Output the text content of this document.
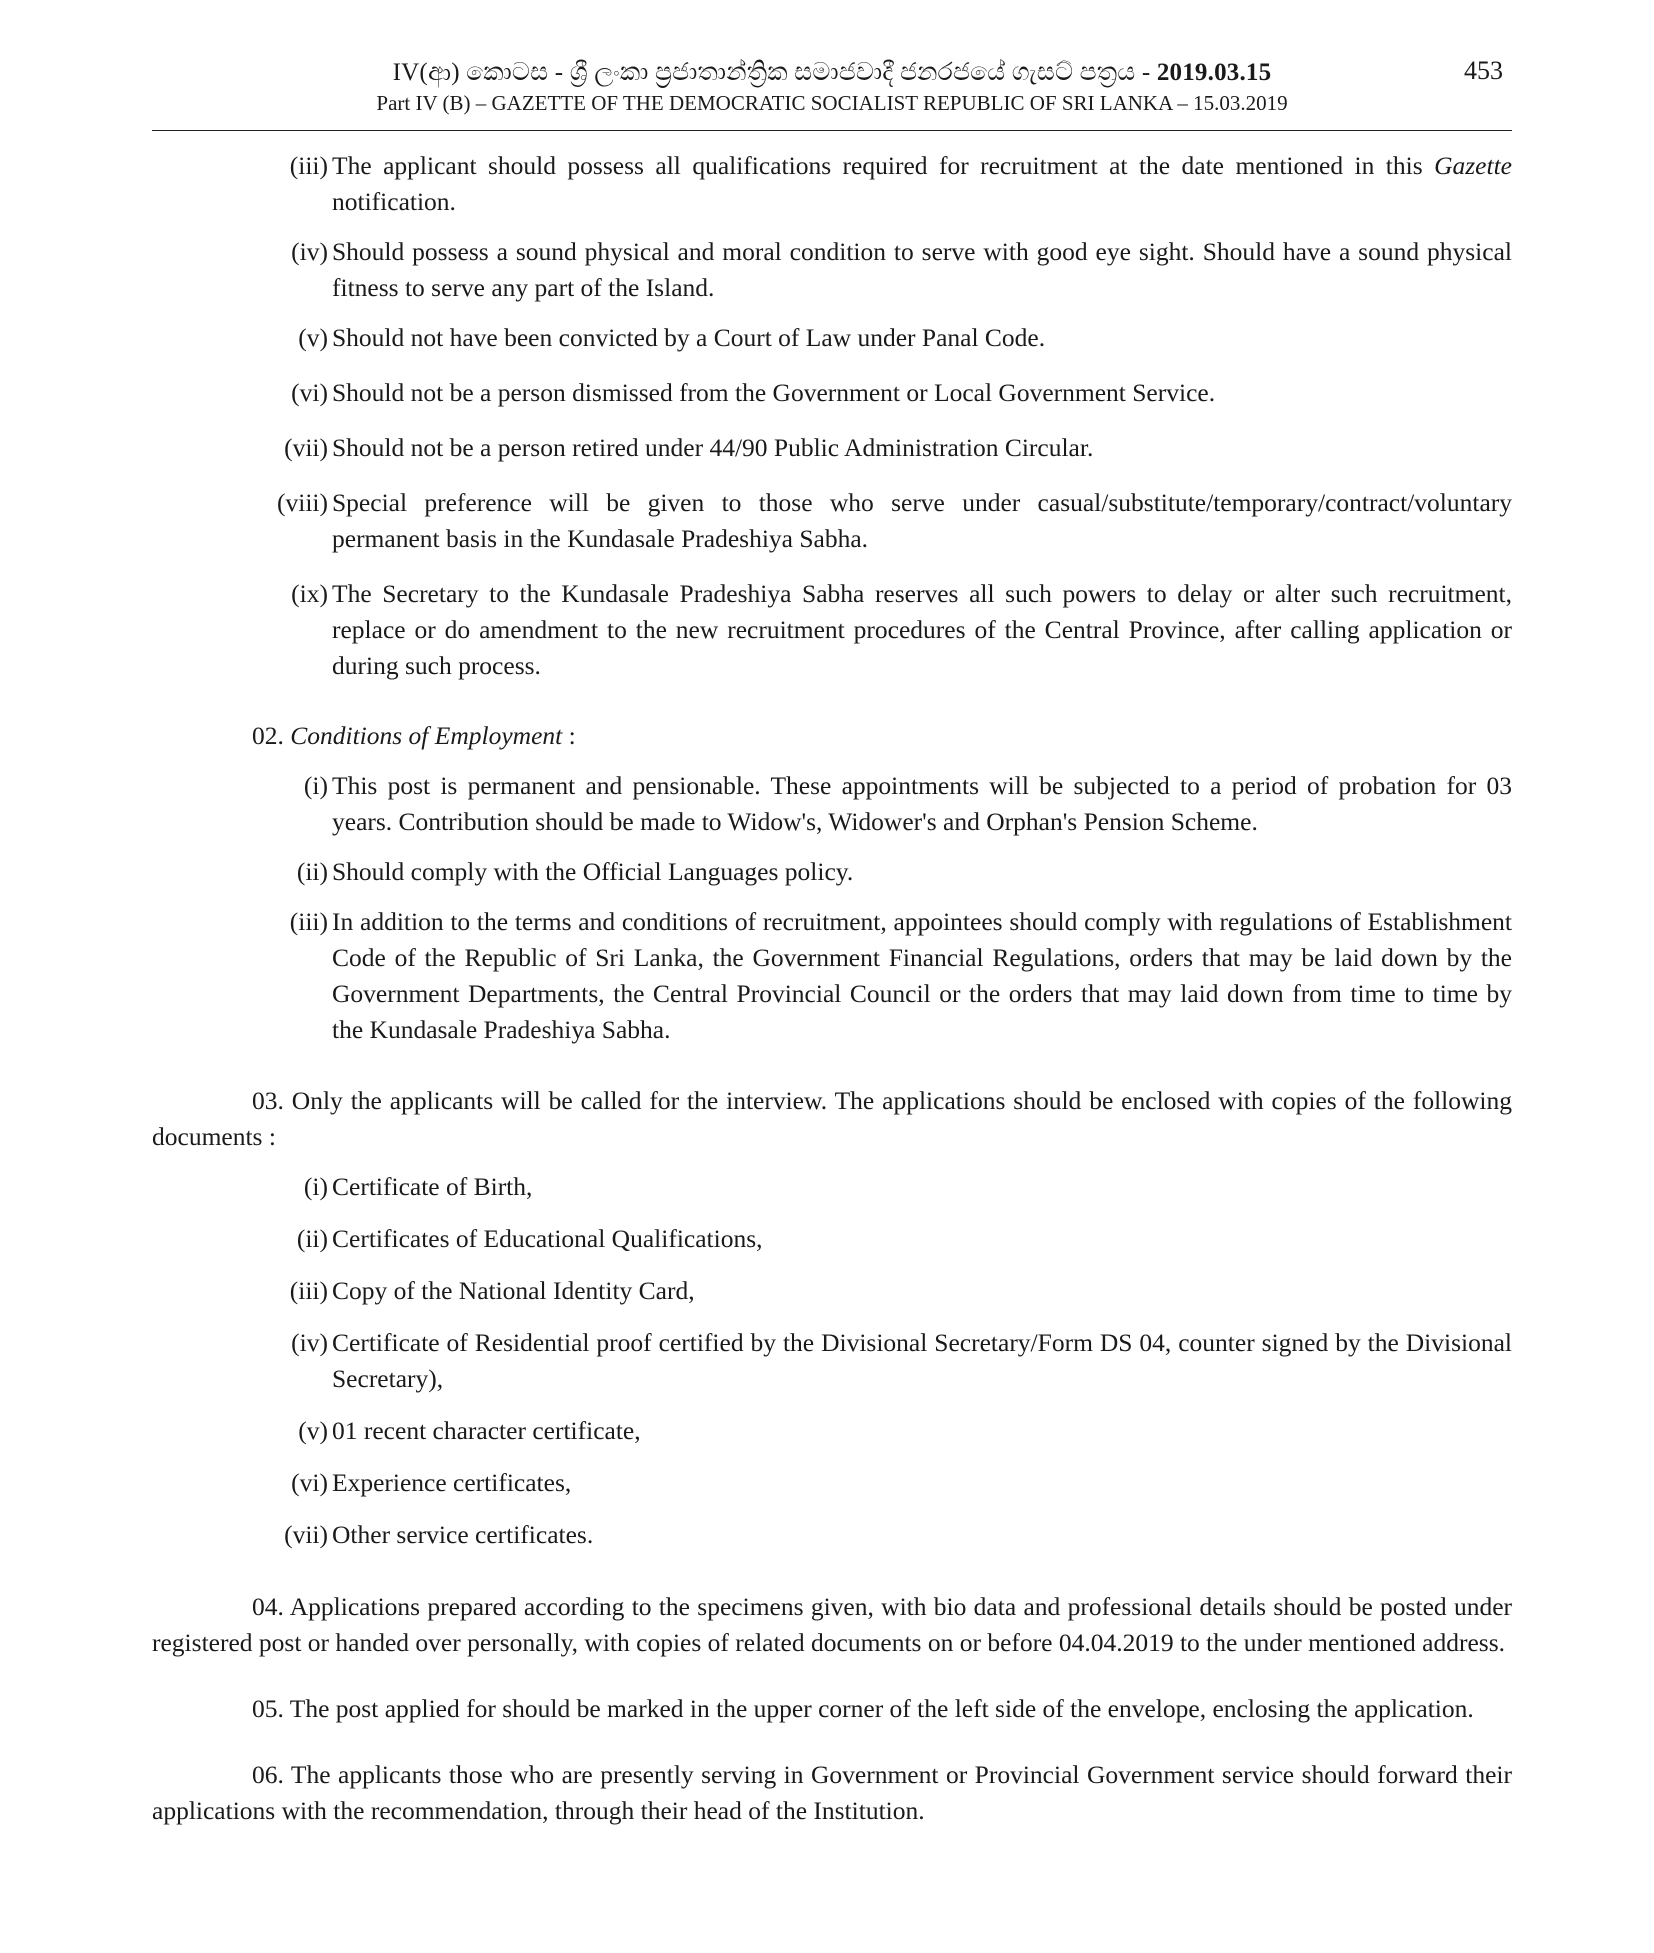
IV(ආ) කොටස - ශ්‍රී ලංකා ප්‍රජාතාන්ත්‍රික සමාජවාදී ජනරජයේ ගැසට් පත්‍රය - 2019.03.15
Part IV (B) – GAZETTE OF THE DEMOCRATIC SOCIALIST REPUBLIC OF SRI LANKA – 15.03.2019
453
(iii) The applicant should possess all qualifications required for recruitment at the date mentioned in this Gazette notification.
(iv) Should possess a sound physical and moral condition to serve with good eye sight. Should have a sound physical fitness to serve any part of the Island.
(v) Should not have been convicted by a Court of Law under Panal Code.
(vi) Should not be a person dismissed from the Government or Local Government Service.
(vii) Should not be a person retired under 44/90 Public Administration Circular.
(viii) Special preference will be given to those who serve under casual/substitute/temporary/contract/voluntary permanent basis in the Kundasale Pradeshiya Sabha.
(ix) The Secretary to the Kundasale Pradeshiya Sabha reserves all such powers to delay or alter such recruitment, replace or do amendment to the new recruitment procedures of the Central Province, after calling application or during such process.
02. Conditions of Employment :
(i) This post is permanent and pensionable. These appointments will be subjected to a period of probation for 03 years. Contribution should be made to Widow's, Widower's and Orphan's Pension Scheme.
(ii) Should comply with the Official Languages policy.
(iii) In addition to the terms and conditions of recruitment, appointees should comply with regulations of Establishment Code of the Republic of Sri Lanka, the Government Financial Regulations, orders that may be laid down by the Government Departments, the Central Provincial Council or the orders that may laid down from time to time by the Kundasale Pradeshiya Sabha.
03. Only the applicants will be called for the interview. The applications should be enclosed with copies of the following documents :
(i) Certificate of Birth,
(ii) Certificates of Educational Qualifications,
(iii) Copy of the National Identity Card,
(iv) Certificate of Residential proof certified by the Divisional Secretary/Form DS 04, counter signed by the Divisional Secretary),
(v) 01 recent character certificate,
(vi) Experience certificates,
(vii) Other service certificates.
04. Applications prepared according to the specimens given, with bio data and professional details should be posted under registered post or handed over personally, with copies of related documents on or before 04.04.2019 to the under mentioned address.
05. The post applied for should be marked in the upper corner of the left side of the envelope, enclosing the application.
06. The applicants those who are presently serving in Government or Provincial Government service should forward their applications with the recommendation, through their head of the Institution.
